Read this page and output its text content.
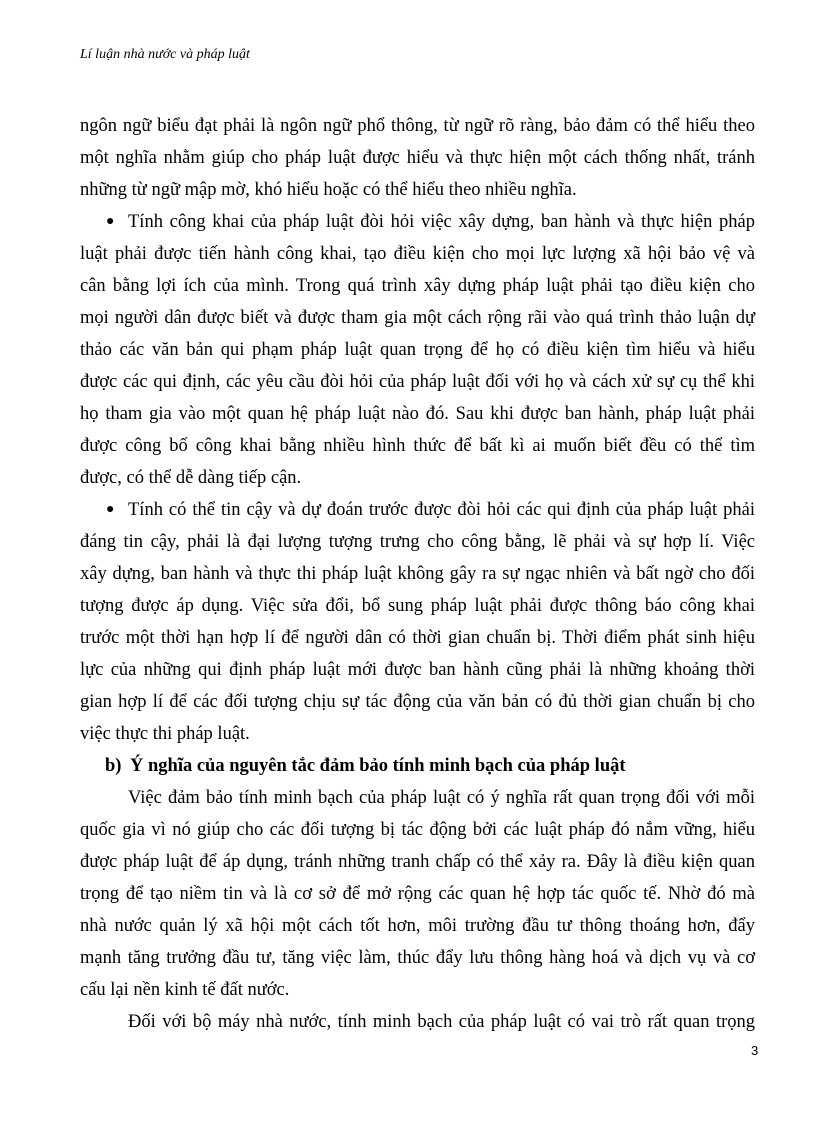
Lí luận nhà nước và pháp luật
ngôn ngữ biểu đạt phải là ngôn ngữ phổ thông, từ ngữ rõ ràng, bảo đảm có thể hiểu theo
một nghĩa nhằm giúp cho pháp luật được hiểu và thực hiện một cách thống nhất, tránh
những từ ngữ mập mờ, khó hiểu hoặc có thể hiểu theo nhiều nghĩa.
● Tính công khai của pháp luật đòi hỏi việc xây dựng, ban hành và thực hiện pháp
luật phải được tiến hành công khai, tạo điều kiện cho mọi lực lượng xã hội bảo vệ và
cân bằng lợi ích của mình. Trong quá trình xây dựng pháp luật phải tạo điều kiện cho
mọi người dân được biết và được tham gia một cách rộng rãi vào quá trình thảo luận dự
thảo các văn bản qui phạm pháp luật quan trọng để họ có điều kiện tìm hiểu và hiểu
được các qui định, các yêu cầu đòi hỏi của pháp luật đối với họ và cách xử sự cụ thể khi
họ tham gia vào một quan hệ pháp luật nào đó. Sau khi được ban hành, pháp luật phải
được công bố công khai bằng nhiều hình thức để bất kì ai muốn biết đều có thể tìm
được, có thể dễ dàng tiếp cận.
● Tính có thể tin cậy và dự đoán trước được đòi hỏi các qui định của pháp luật phải
đáng tin cậy, phải là đại lượng tượng trưng cho công bằng, lẽ phải và sự hợp lí. Việc
xây dựng, ban hành và thực thi pháp luật không gây ra sự ngạc nhiên và bất ngờ cho đối
tượng được áp dụng. Việc sửa đổi, bổ sung pháp luật phải được thông báo công khai
trước một thời hạn hợp lí để người dân có thời gian chuẩn bị. Thời điểm phát sinh hiệu
lực của những qui định pháp luật mới được ban hành cũng phải là những khoảng thời
gian hợp lí để các đối tượng chịu sự tác động của văn bản có đủ thời gian chuẩn bị cho
việc thực thi pháp luật.
b) Ý nghĩa của nguyên tắc đảm bảo tính minh bạch của pháp luật
Việc đảm bảo tính minh bạch của pháp luật có ý nghĩa rất quan trọng đối với mỗi
quốc gia vì nó giúp cho các đối tượng bị tác động bởi các luật pháp đó nắm vững, hiểu
được pháp luật để áp dụng, tránh những tranh chấp có thể xảy ra. Đây là điều kiện quan
trọng để tạo niềm tin và là cơ sở để mở rộng các quan hệ hợp tác quốc tế. Nhờ đó mà
nhà nước quản lý xã hội một cách tốt hơn, môi trường đầu tư thông thoáng hơn, đẩy
mạnh tăng trưởng đầu tư, tăng việc làm, thúc đẩy lưu thông hàng hoá và dịch vụ và cơ
cấu lại nền kinh tế đất nước.
Đối với bộ máy nhà nước, tính minh bạch của pháp luật có vai trò rất quan trọng
3
